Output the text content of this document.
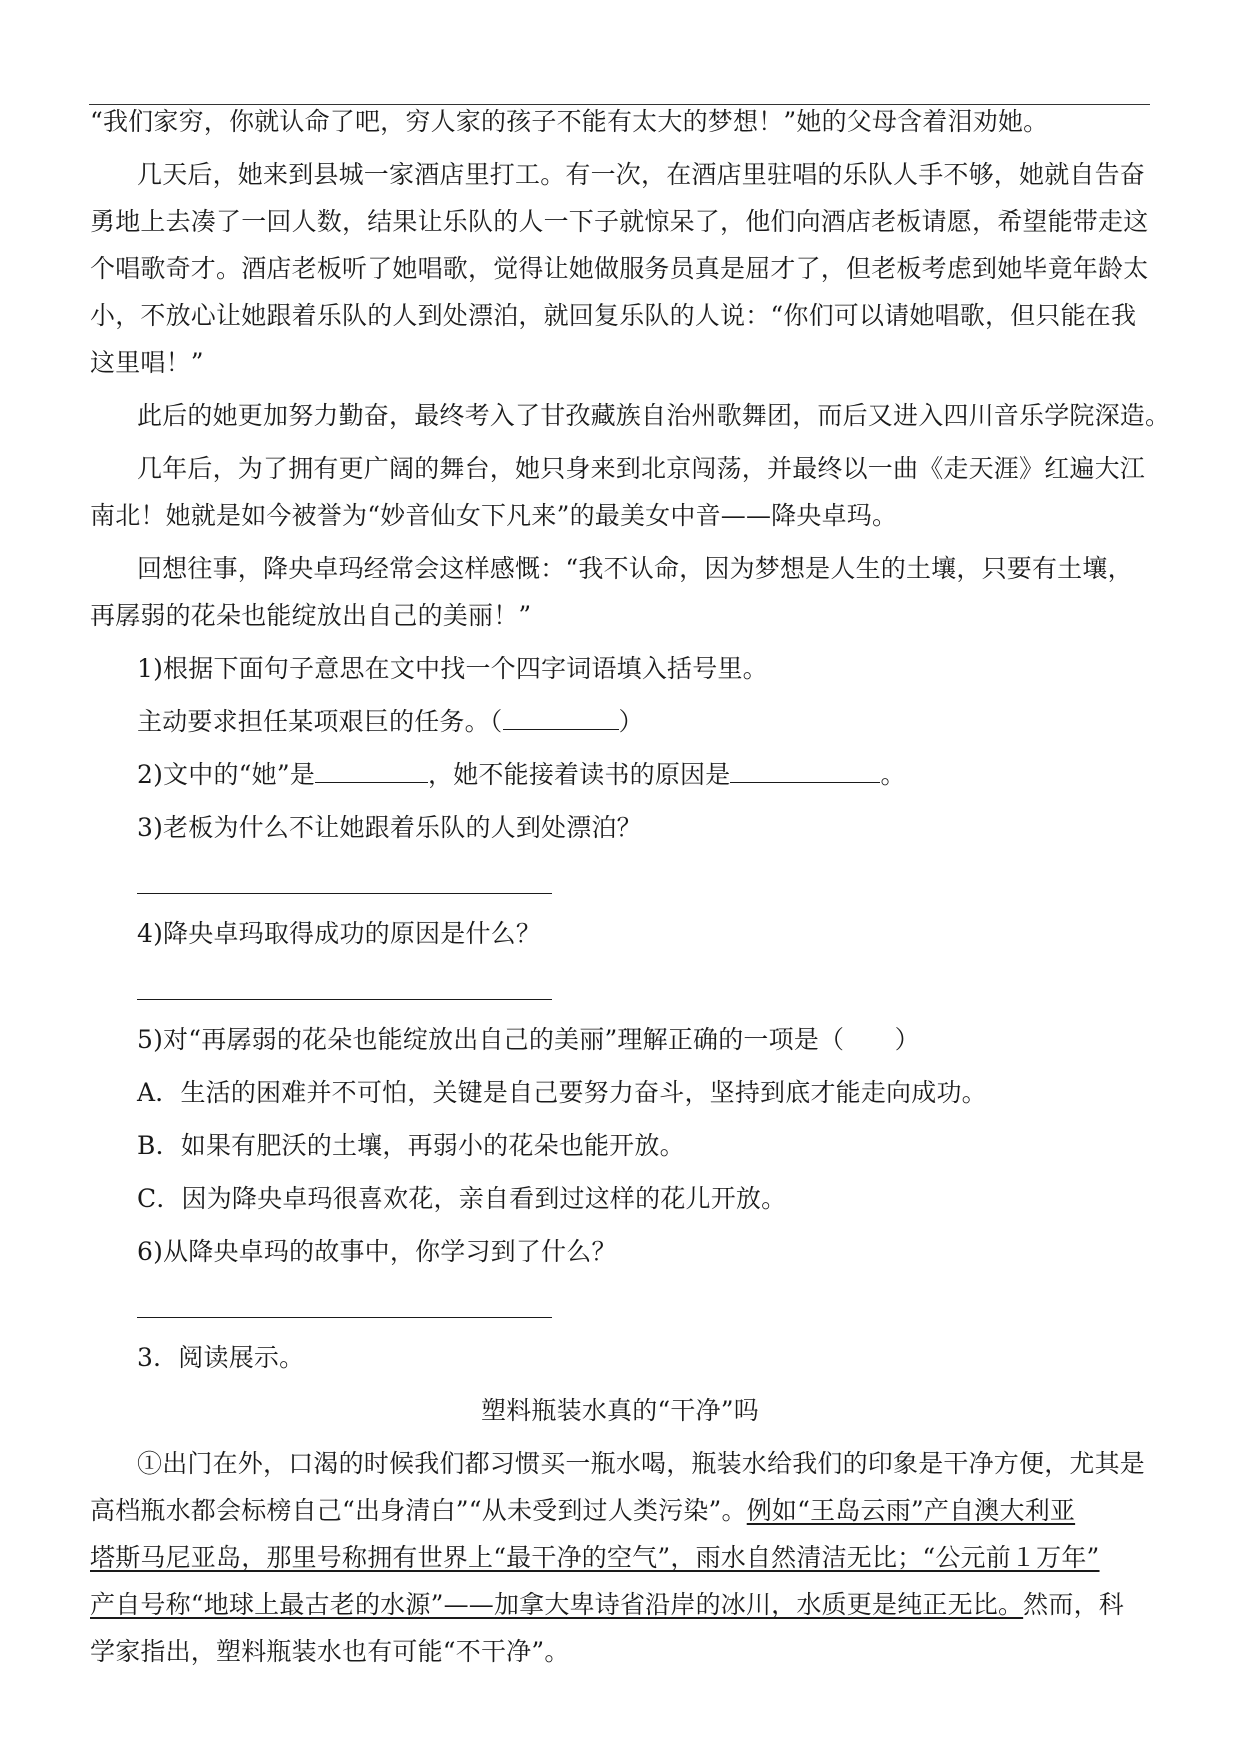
“我们家穷，你就认命了吧，穷人家的孩子不能有太大的梦想！”她的父母含着泪劝她。
几天后，她来到县城一家酒店里打工。有一次，在酒店里驻唱的乐队人手不够，她就自告奋
勇地上去凑了一回人数，结果让乐队的人一下子就惊呆了，他们向酒店老板请愿，希望能带走这
个唱歌奇才。酒店老板听了她唱歌，觉得让她做服务员真是屈才了，但老板考虑到她毕竟年龄太
小，不放心让她跟着乐队的人到处漂泊，就回复乐队的人说：“你们可以请她唱歌，但只能在我
这里唱！”
此后的她更加努力勤奋，最终考入了甘孜藏族自治州歌舞团，而后又进入四川音乐学院深造。
几年后，为了拥有更广阔的舞台，她只身来到北京闯荡，并最终以一曲《走天涯》红遍大江
南北！她就是如今被誉为“妙音仙女下凡来”的最美女中音——降央卓玛。
回想往事，降央卓玛经常会这样感慨：“我不认命，因为梦想是人生的土壤，只要有土壤，
再孱弱的花朵也能绽放出自己的美丽！”
1)根据下面句子意思在文中找一个四字词语填入括号里。
主动要求担任某项艰巨的任务。（	）
2)文中的“她”是	，她不能接着读书的原因是	。
3)老板为什么不让她跟着乐队的人到处漂泊？
4)降央卓玛取得成功的原因是什么？
5)对“再孱弱的花朵也能绽放出自己的美丽”理解正确的一项是（　　）
A．生活的困难并不可怕，关键是自己要努力奋斗，坚持到底才能走向成功。
B．如果有肥沃的土壤，再弱小的花朵也能开放。
C．因为降央卓玛很喜欢花，亲自看到过这样的花儿开放。
6)从降央卓玛的故事中，你学习到了什么？
3．阅读展示。
塑料瓶装水真的“干净”吗
①出门在外，口渴的时候我们都习惯买一瓶水喝，瓶装水给我们的印象是干净方便，尤其是
高档瓶水都会标榜自己“出身清白”“从未受到过人类污染”。例如“王岛云雨”产自澳大利亚
塔斯马尼亚岛，那里号称拥有世界上“最干净的空气”，雨水自然清洁无比；“公元前１万年”
产自号称“地球上最古老的水源”——加拿大卑诗省沿岸的冰川，水质更是纯正无比。然而，科
学家指出，塑料瓶装水也有可能“不干净”。
